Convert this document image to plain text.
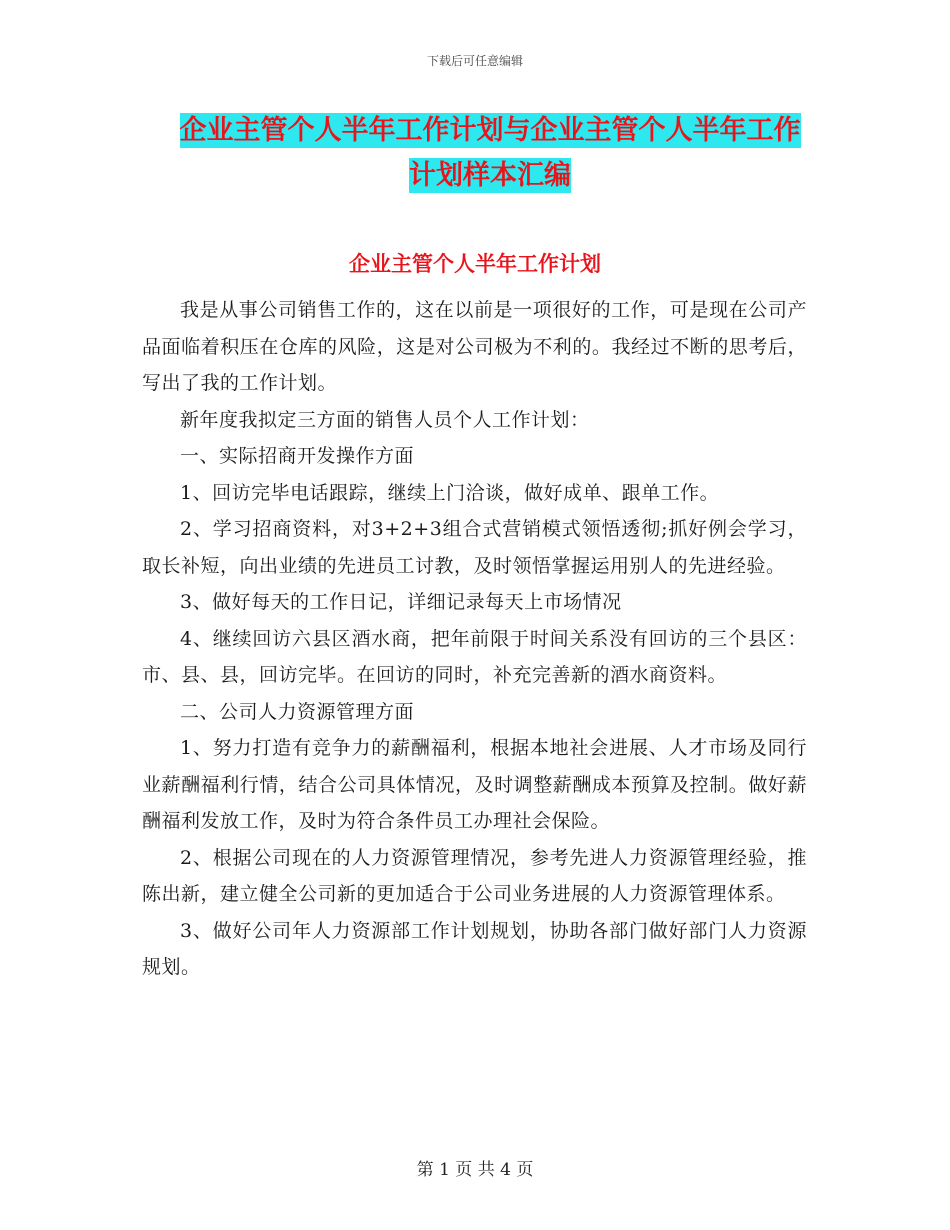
下载后可任意编辑
企业主管个人半年工作计划与企业主管个人半年工作
计划样本汇编
企业主管个人半年工作计划

我是从事公司销售工作的，这在以前是一项很好的工作，可是现在公司产品面临着积压在仓库的风险，这是对公司极为不利的。我经过不断的思考后，写出了我的工作计划。

新年度我拟定三方面的销售人员个人工作计划：

一、实际招商开发操作方面

1、回访完毕电话跟踪，继续上门洽谈，做好成单、跟单工作。

2、学习招商资料，对3+2+3组合式营销模式领悟透彻;抓好例会学习，取长补短，向出业绩的先进员工讨教，及时领悟掌握运用别人的先进经验。

3、做好每天的工作日记，详细记录每天上市场情况

4、继续回访六县区酒水商，把年前限于时间关系没有回访的三个县区：市、县、县，回访完毕。在回访的同时，补充完善新的酒水商资料。

二、公司人力资源管理方面

1、努力打造有竞争力的薪酬福利，根据本地社会进展、人才市场及同行业薪酬福利行情，结合公司具体情况，及时调整薪酬成本预算及控制。做好薪酬福利发放工作，及时为符合条件员工办理社会保险。

2、根据公司现在的人力资源管理情况，参考先进人力资源管理经验，推陈出新，建立健全公司新的更加适合于公司业务进展的人力资源管理体系。

3、做好公司年人力资源部工作计划规划，协助各部门做好部门人力资源规划。

第 1 页 共 4 页
